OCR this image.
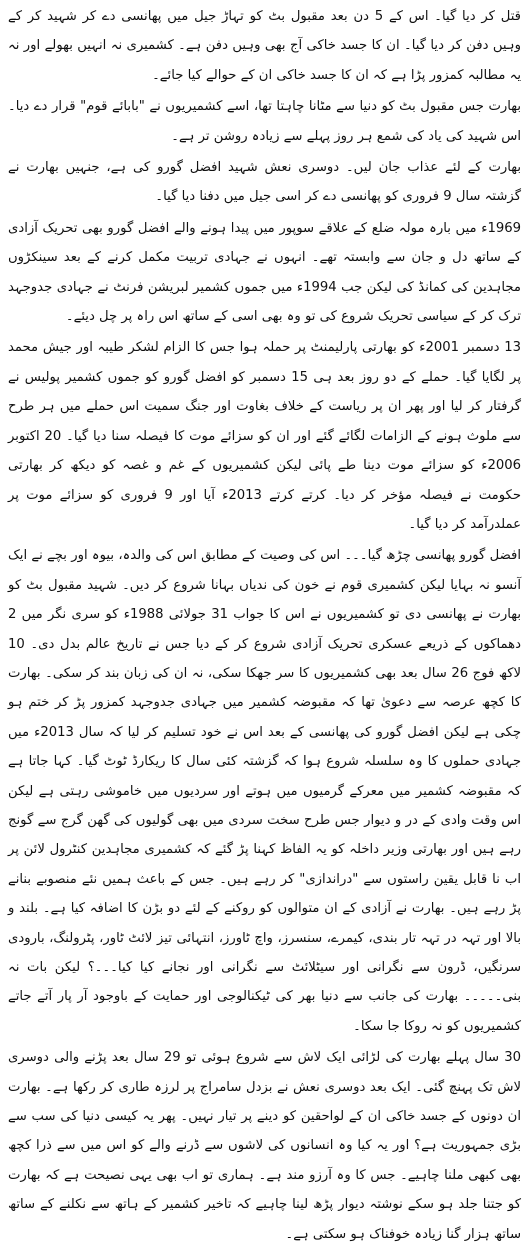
قتل کر دیا گیا۔ اس کے 5 دن بعد مقبول بٹ کو تہاڑ جیل میں پھانسی دے کر شہید کر کے وہیں دفن کر دیا گیا۔ ان کا جسد خاکی آج بھی وہیں دفن ہے۔ کشمیری نہ انہیں بھولے اور نہ یہ مطالبہ کمزور پڑا ہے کہ ان کا جسد خاکی ان کے حوالے کیا جائے۔

بھارت جس مقبول بٹ کو دنیا سے مٹانا چاہتا تھا، اسے کشمیریوں نے "بابائے قوم" قرار دے دیا۔ اس شہید کی یاد کی شمع ہر روز پہلے سے زیادہ روشن تر ہے۔

بھارت کے لئے عذاب جان لیں۔ دوسری نعش شہید افضل گورو کی ہے، جنہیں بھارت نے گزشتہ سال 9 فروری کو پھانسی دے کر اسی جیل میں دفنا دیا گیا۔

1969ء میں بارہ مولہ ضلع کے علاقے سوپور میں پیدا ہونے والے افضل گورو بھی تحریک آزادی کے ساتھ دل و جان سے وابستہ تھے۔ انہوں نے جہادی تربیت مکمل کرنے کے بعد سینکڑوں مجاہدین کی کمانڈ کی لیکن جب 1994ء میں جموں کشمیر لبریشن فرنٹ نے جہادی جدوجہد ترک کر کے سیاسی تحریک شروع کی تو وہ بھی اسی کے ساتھ اس راہ پر چل دیئے۔

13 دسمبر 2001ء کو بھارتی پارلیمنٹ پر حملہ ہوا جس کا الزام لشکر طیبہ اور جیش محمد پر لگایا گیا۔ حملے کے دو روز بعد ہی 15 دسمبر کو افضل گورو کو جموں کشمیر پولیس نے گرفتار کر لیا اور پھر ان پر ریاست کے خلاف بغاوت اور جنگ سمیت اس حملے میں ہر طرح سے ملوث ہونے کے الزامات لگائے گئے اور ان کو سزائے موت کا فیصلہ سنا دیا گیا۔ 20 اکتوبر 2006ء کو سزائے موت دینا طے پائی لیکن کشمیریوں کے غم و غصہ کو دیکھ کر بھارتی حکومت نے فیصلہ مؤخر کر دیا۔ کرتے کرتے 2013ء آیا اور 9 فروری کو سزائے موت پر عملدرآمد کر دیا گیا۔

افضل گورو پھانسی چڑھ گیا۔۔۔ اس کی وصیت کے مطابق اس کی والدہ، بیوہ اور بچے نے ایک آنسو نہ بہایا لیکن کشمیری قوم نے خون کی ندیاں بہانا شروع کر دیں۔ شہید مقبول بٹ کو بھارت نے پھانسی دی تو کشمیریوں نے اس کا جواب 31 جولائی 1988ء کو سری نگر میں 2 دھماکوں کے ذریعے عسکری تحریک آزادی شروع کر کے دیا جس نے تاریخ عالم بدل دی۔ 10 لاکھ فوج 26 سال بعد بھی کشمیریوں کا سر جھکا سکی، نہ ان کی زبان بند کر سکی۔ بھارت کا کچھ عرصہ سے دعویٰ تھا کہ مقبوضہ کشمیر میں جہادی جدوجہد کمزور پڑ کر ختم ہو چکی ہے لیکن افضل گورو کی پھانسی کے بعد اس نے خود تسلیم کر لیا کہ سال 2013ء میں جہادی حملوں کا وہ سلسلہ شروع ہوا کہ گزشتہ کئی سال کا ریکارڈ ٹوٹ گیا۔ کہا جاتا ہے کہ مقبوضہ کشمیر میں معرکے گرمیوں میں ہوتے اور سردیوں میں خاموشی رہتی ہے لیکن اس وقت وادی کے در و دیوار جس طرح سخت سردی میں بھی گولیوں کی گھن گرج سے گونج رہے ہیں اور بھارتی وزیر داخلہ کو یہ الفاظ کہنا پڑ گئے کہ کشمیری مجاہدین کنٹرول لائن پر اب نا قابل یقین راستوں سے "دراندازی" کر رہے ہیں۔ جس کے باعث ہمیں نئے منصوبے بنانے پڑ رہے ہیں۔ بھارت نے آزادی کے ان متوالوں کو روکنے کے لئے دو بڑن کا اضافہ کیا ہے۔ بلند و بالا اور تہہ در تہہ تار بندی، کیمرے، سنسرز، واچ ٹاورز، انتہائی تیز لائٹ ٹاور، پٹرولنگ، بارودی سرنگیں، ڈرون سے نگرانی اور سیٹلائٹ سے نگرانی اور نجانے کیا کیا۔۔۔؟ لیکن بات نہ بنی۔۔۔۔۔ بھارت کی جانب سے دنیا بھر کی ٹیکنالوجی اور حمایت کے باوجود آر پار آتے جاتے کشمیریوں کو نہ روکا جا سکا۔

30 سال پہلے بھارت کی لڑائی ایک لاش سے شروع ہوئی تو 29 سال بعد پڑنے والی دوسری لاش تک پہنچ گئی۔ ایک بعد دوسری نعش نے بزدل سامراج پر لرزہ طاری کر رکھا ہے۔ بھارت ان دونوں کے جسد خاکی ان کے لواحقین کو دینے پر تیار نہیں۔ پھر یہ کیسی دنیا کی سب سے بڑی جمہوریت ہے؟ اور یہ کیا وہ انسانوں کی لاشوں سے ڈرنے والے کو اس میں سے ذرا کچھ بھی کبھی ملنا چاہیے۔ جس کا وہ آرزو مند ہے۔ ہماری تو اب بھی یہی نصیحت ہے کہ بھارت کو جتنا جلد ہو سکے نوشتہ دیوار پڑھ لینا چاہیے کہ تاخیر کشمیر کے ہاتھ سے نکلنے کے ساتھ ساتھ ہزار گنا زیادہ خوفناک ہو سکتی ہے۔
